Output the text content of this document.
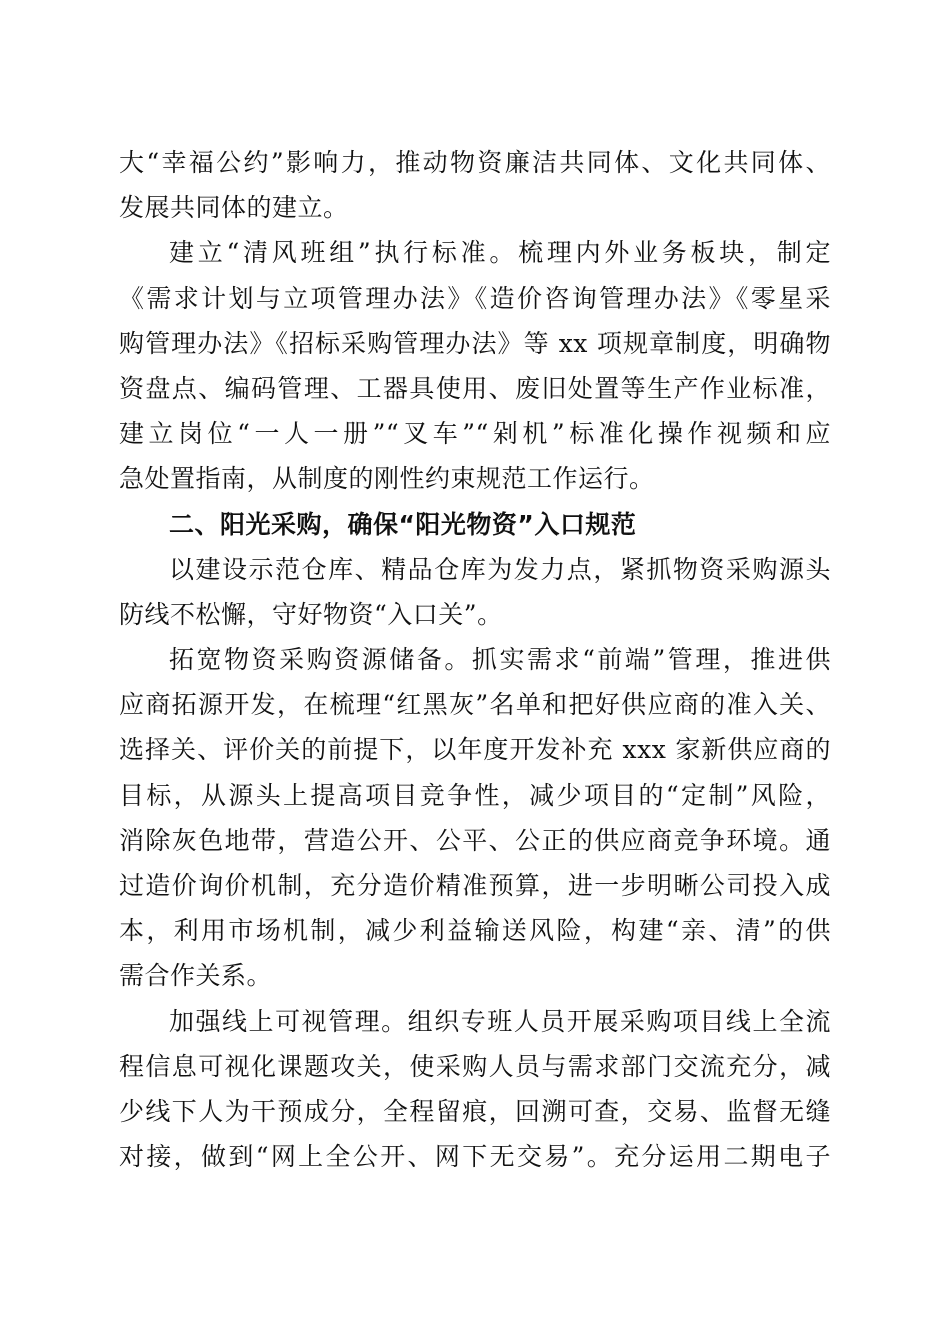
大“幸福公约”影响力，推动物资廉洁共同体、文化共同体、
发展共同体的建立。
建立“清风班组”执行标准。梳理内外业务板块，制定
《需求计划与立项管理办法》《造价咨询管理办法》《零星采
购管理办法》《招标采购管理办法》等 xx 项规章制度，明确物
资盘点、编码管理、工器具使用、废旧处置等生产作业标准，
建立岗位“一人一册”“叉车”“剁机”标准化操作视频和应
急处置指南，从制度的刚性约束规范工作运行。
二、阳光采购，确保“阳光物资”入口规范
以建设示范仓库、精品仓库为发力点，紧抓物资采购源头
防线不松懈，守好物资“入口关”。
拓宽物资采购资源储备。抓实需求“前端”管理，推进供
应商拓源开发，在梳理“红黑灰”名单和把好供应商的准入关、
选择关、评价关的前提下，以年度开发补充 xxx 家新供应商的
目标，从源头上提高项目竞争性，减少项目的“定制”风险，
消除灰色地带，营造公开、公平、公正的供应商竞争环境。通
过造价询价机制，充分造价精准预算，进一步明晰公司投入成
本，利用市场机制，减少利益输送风险，构建“亲、清”的供
需合作关系。
加强线上可视管理。组织专班人员开展采购项目线上全流
程信息可视化课题攻关，使采购人员与需求部门交流充分，减
少线下人为干预成分，全程留痕，回溯可查，交易、监督无缝
对接，做到“网上全公开、网下无交易”。充分运用二期电子
